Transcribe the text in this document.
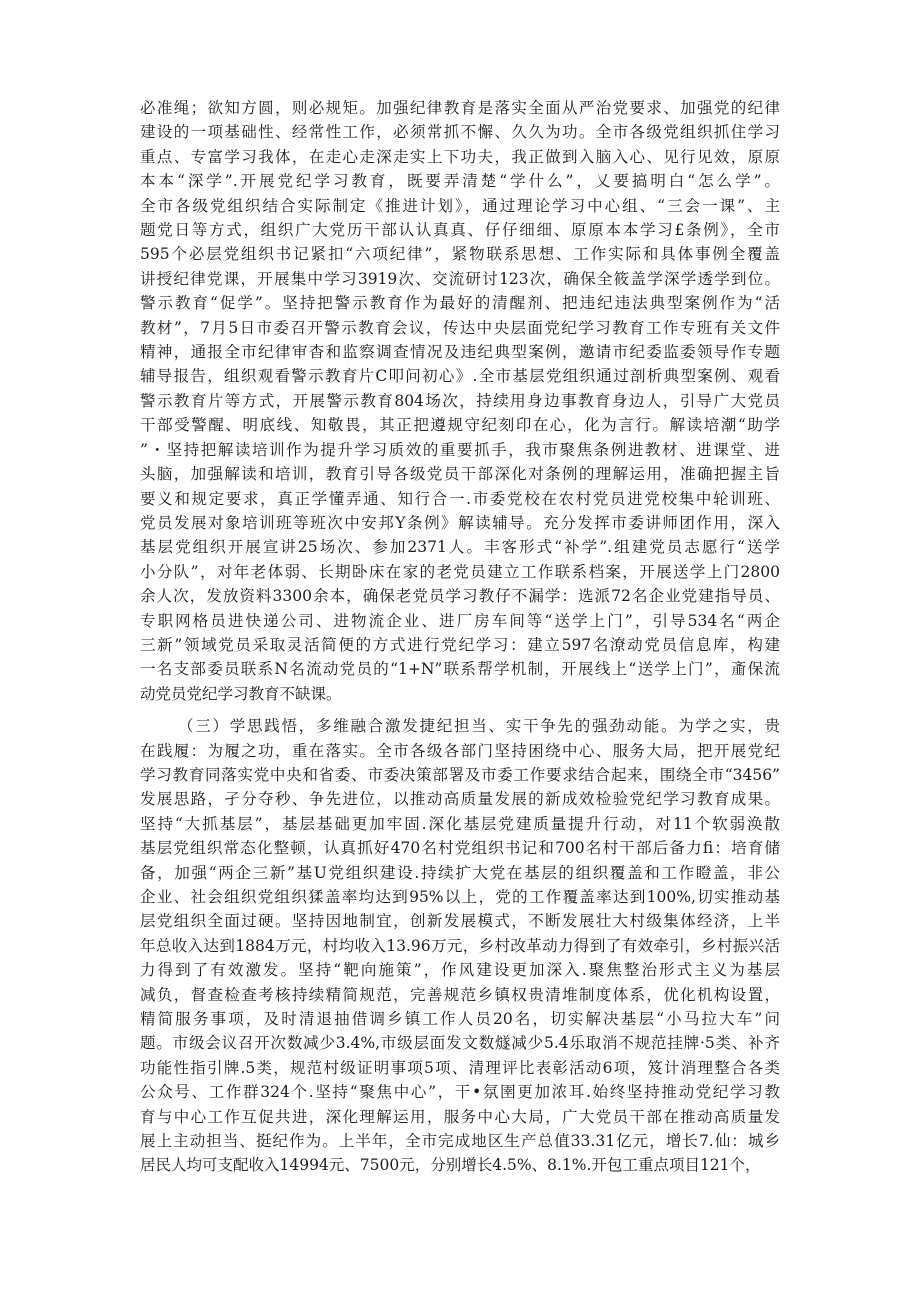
必准绳；欲知方圆，则必规矩。加强纪律教育是落实全面从严治党要求、加强党的纪律
建设的一项基础性、经常性工作，必须常抓不懈、久久为功。全市各级党组织抓住学习
重点、专富学习我体，在走心走深走实上下功夫，我正做到入脑入心、见行见效，原原
本本“深学”.开展党纪学习教育，既要弄清楚“学什么”，乂要搞明白“怎么学”。
全市各级党组织结合实际制定《推进计划》，通过理论学习中心组、“三会一课”、主
题党日等方式，组织广大党历干部认认真真、仔仔细细、原原本本学习£条例》，全市
595个必层党组织书记紧扣“六项纪律”，紧物联系思想、工作实际和具体事例全覆盖
讲授纪律党课，开展集中学习3919次、交流研讨123次，确保全筱盖学深学透学到位。
警示教育“促学”。坚持把警示教育作为最好的清醒剂、把违纪违法典型案例作为“活
教材”，7月5日市委召开警示教育会议，传达中央层面党纪学习教育工作专班有关文件
精神，通报全市纪律审杳和监察调查情况及违纪典型案例，邀请市纪委监委领导作专题
辅导报告，组织观看警示教育片C叩问初心》.全市基层党组织通过剖析典型案例、观看
警示教育片等方式，开展警示教育804场次，持续用身边事教育身边人，引导广大党员
干部受警醒、明底线、知敬畏，其正把遵规守纪刻印在心，化为言行。解读培潮“助学
”・坚持把解读培训作为提升学习质效的重要抓手，我市聚焦条例进教材、进课堂、进
头脑，加强解读和培训，教育引导各级党员干部深化对条例的理解运用，准确把握主旨
要义和规定要求，真正学懂弄通、知行合一.市委党校在农村党员进党校集中轮训班、
党员发展对象培训班等班次中安邦Y条例》解读辅导。充分发挥市委讲师团作用，深入
基层党组织开展宣讲25场次、参加2371人。丰客形式“补学”.组建党员志愿行“送学
小分队”，对年老体弱、长期卧床在家的老党员建立工作联系档案，开展送学上门2800
余人次，发放资料3300余本，确保老党员学习教仔不漏学：选派72名企业党建指导员、
专职网格员进快递公司、进物流企业、进厂房车间等“送学上门”，引导534名“两企
三新”领域党员采取灵活简便的方式进行党纪学习：建立597名潦动党员信息库，构建
一名支部委员联系N名流动党员的“1+N”联系帮学机制，开展线上“送学上门”，齑保流
动党员党纪学习教育不缺课。
（三）学思践悟，多维融合激发捷纪担当、实干争先的强劲动能。为学之实，贵
在践履：为履之功，重在落实。全市各级各部门坚持困绕中心、服务大局，把开展党纪
学习教育同落实党中央和省委、市委决策部署及市委工作要求结合起来，围绕全市“3456”
发展思路，孑分夺秒、争先进位，以推动高质量发展的新成效检验党纪学习教育成果。
坚持“大抓基层”，基层基础更加牢固.深化基层党建质量提升行动，对11个软弱涣散
基层党组织常态化整顿，认真抓好470名村党组织书记和700名村干部后备力fi：培育储
备，加强“两企三新”基U党组织建设.持续扩大党在基层的组织覆盖和工作瞪盖，非公
企业、社会组织党组织猱盖率均达到95%以上，党的工作覆盖率达到100%,切实推动基
层党组织全面过硬。坚持因地制宜，创新发展模式，不断发展壮大村级集体经济，上半
年总收入达到1884万元，村均收入13.96万元，乡村改革动力得到了有效牵引，乡村振兴活
力得到了有效激发。坚持“靶向施策”，作风建设更加深入.聚焦整治形式主义为基层
减负，督查检查考核持续精简规范，完善规范乡镇权贵清堆制度体系，优化机构设置，
精简服务事项，及时清退抽借调乡镇工作人员20名，切实解决基层“小马拉大车”问
题。市级会议召开次数减少3.4%,市级层面发文数燧减少5.4乐取消不规范挂牌·5类、补齐
功能性指引牌.5类，规范村级证明事项5项、清理评比表彰活动6项，笈计消理整合各类
公众号、工作群324个.坚持“聚焦中心”，干•氛圉更加浓耳.始终坚持推动党纪学习教
育与中心工作互促共进，深化理解运用，服务中心大局，广大党员干部在推动高质量发
展上主动担当、挺纪作为。上半年，全市完成地区生产总值33.31亿元，增长7.仙：城乡
居民人均可支配收入14994元、7500元，分别增长4.5%、8.1%.开包工重点项目121个，
